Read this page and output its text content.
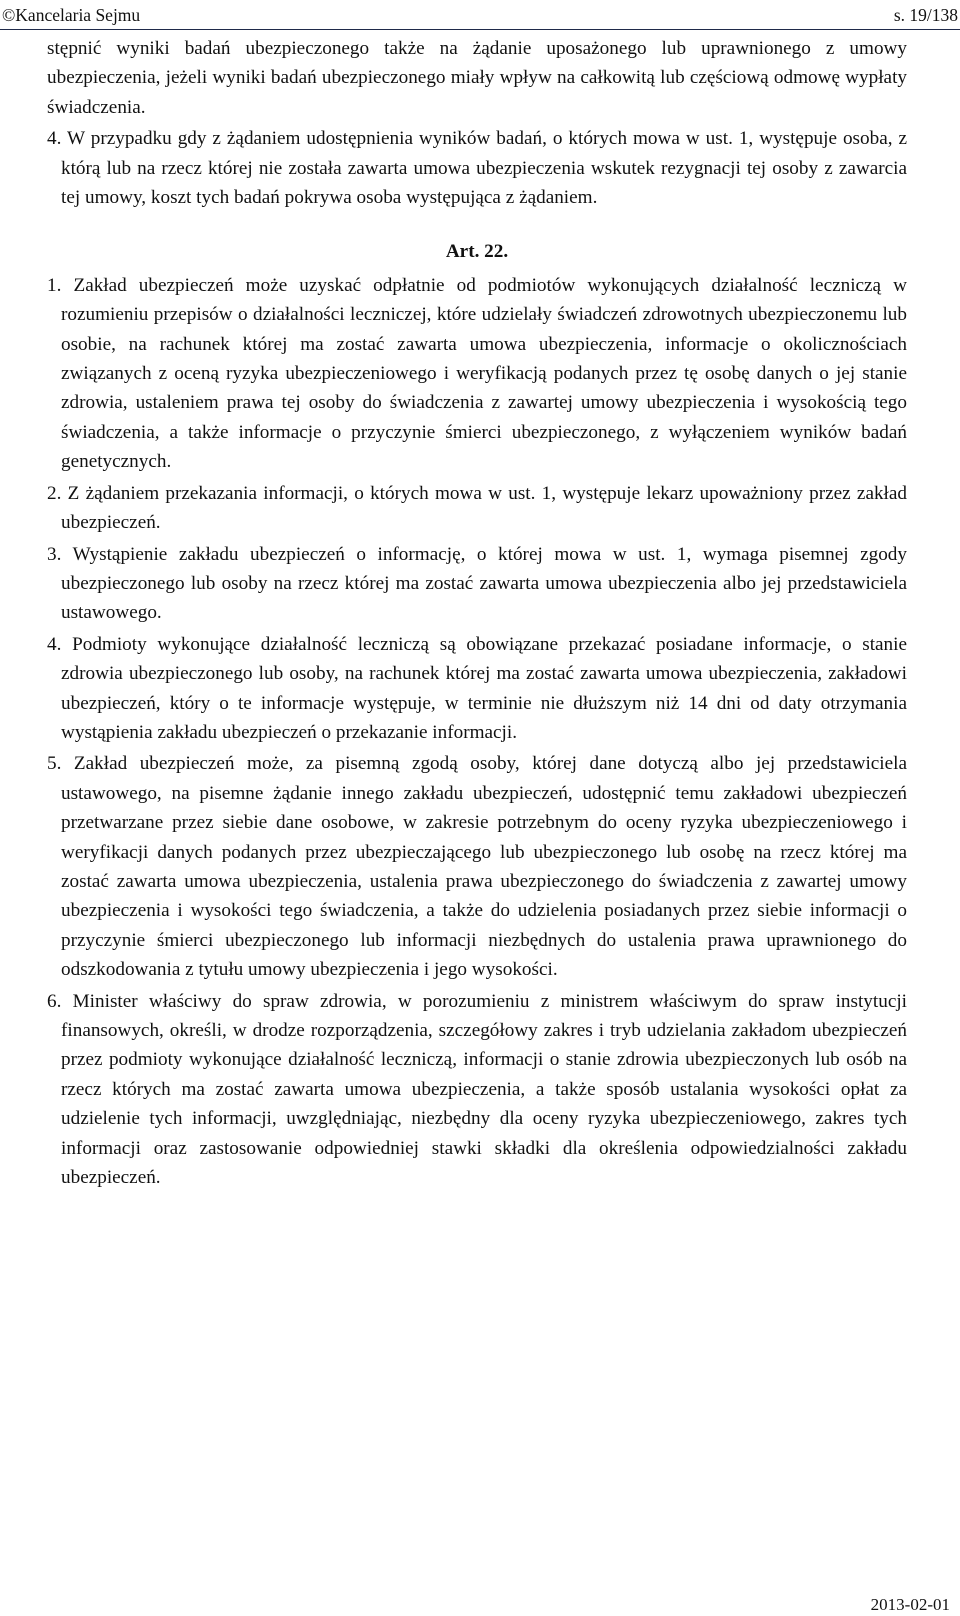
©Kancelaria Sejmu	s. 19/138

stępnić wyniki badań ubezpieczonego także na żądanie uposażonego lub uprawnionego z umowy ubezpieczenia, jeżeli wyniki badań ubezpieczonego miały wpływ na całkowitą lub częściową odmowę wypłaty świadczenia.

4. W przypadku gdy z żądaniem udostępnienia wyników badań, o których mowa w ust. 1, występuje osoba, z którą lub na rzecz której nie została zawarta umowa ubezpieczenia wskutek rezygnacji tej osoby z zawarcia tej umowy, koszt tych badań pokrywa osoba występująca z żądaniem.

Art. 22.

1. Zakład ubezpieczeń może uzyskać odpłatnie od podmiotów wykonujących działalność leczniczą w rozumieniu przepisów o działalności leczniczej, które udzielały świadczeń zdrowotnych ubezpieczonemu lub osobie, na rachunek której ma zostać zawarta umowa ubezpieczenia, informacje o okolicznościach związanych z oceną ryzyka ubezpieczeniowego i weryfikacją podanych przez tę osobę danych o jej stanie zdrowia, ustaleniem prawa tej osoby do świadczenia z zawartej umowy ubezpieczenia i wysokością tego świadczenia, a także informacje o przyczynie śmierci ubezpieczonego, z wyłączeniem wyników badań genetycznych.

2. Z żądaniem przekazania informacji, o których mowa w ust. 1, występuje lekarz upoważniony przez zakład ubezpieczeń.

3. Wystąpienie zakładu ubezpieczeń o informację, o której mowa w ust. 1, wymaga pisemnej zgody ubezpieczonego lub osoby na rzecz której ma zostać zawarta umowa ubezpieczenia albo jej przedstawiciela ustawowego.

4. Podmioty wykonujące działalność leczniczą są obowiązane przekazać posiadane informacje, o stanie zdrowia ubezpieczonego lub osoby, na rachunek której ma zostać zawarta umowa ubezpieczenia, zakładowi ubezpieczeń, który o te informacje występuje, w terminie nie dłuższym niż 14 dni od daty otrzymania wystąpienia zakładu ubezpieczeń o przekazanie informacji.

5. Zakład ubezpieczeń może, za pisemną zgodą osoby, której dane dotyczą albo jej przedstawiciela ustawowego, na pisemne żądanie innego zakładu ubezpieczeń, udostępnić temu zakładowi ubezpieczeń przetwarzane przez siebie dane osobowe, w zakresie potrzebnym do oceny ryzyka ubezpieczeniowego i weryfikacji danych podanych przez ubezpieczającego lub ubezpieczonego lub osobę na rzecz której ma zostać zawarta umowa ubezpieczenia, ustalenia prawa ubezpieczonego do świadczenia z zawartej umowy ubezpieczenia i wysokości tego świadczenia, a także do udzielenia posiadanych przez siebie informacji o przyczynie śmierci ubezpieczonego lub informacji niezbędnych do ustalenia prawa uprawnionego do odszkodowania z tytułu umowy ubezpieczenia i jego wysokości.

6. Minister właściwy do spraw zdrowia, w porozumieniu z ministrem właściwym do spraw instytucji finansowych, określi, w drodze rozporządzenia, szczegółowy zakres i tryb udzielania zakładom ubezpieczeń przez podmioty wykonujące działalność leczniczą, informacji o stanie zdrowia ubezpieczonych lub osób na rzecz których ma zostać zawarta umowa ubezpieczenia, a także sposób ustalania wysokości opłat za udzielenie tych informacji, uwzględniając, niezbędny dla oceny ryzyka ubezpieczeniowego, zakres tych informacji oraz zastosowanie odpowiedniej stawki składki dla określenia odpowiedzialności zakładu ubezpieczeń.

2013-02-01
